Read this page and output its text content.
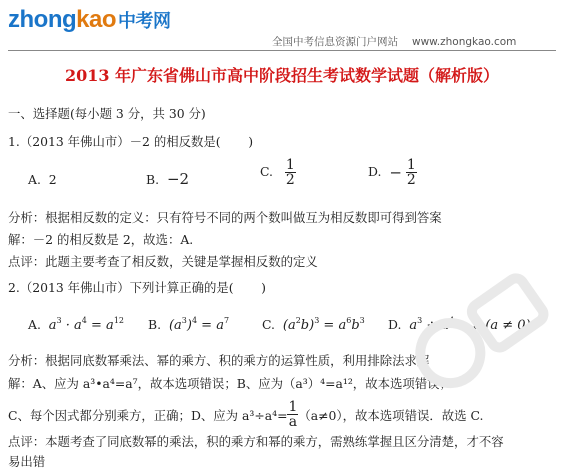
zhongkao 中考网
全国中考信息资源门户网站 www.zhongkao.com
2013 年广东省佛山市高中阶段招生考试数学试题（解析版）
一、选择题(每小题 3 分，共 30 分)
1.（2013 年佛山市）－2 的相反数是(       )
A. 2	B. −2	C. $\frac{1}{2}$	D. − $\frac{1}{2}$
分析：根据相反数的定义：只有符号不同的两个数叫做互为相反数即可得到答案
解：－2 的相反数是 2，故选：A.
点评：此题主要考查了相反数，关键是掌握相反数的定义
2.（2013 年佛山市）下列计算正确的是(       )
A. $a^3 \cdot a^4 = a^{12}$ B. $(a^3)^4 = a^7$	C. $(a^2b)^3 = a^6b^3$ D. $a^3 \div a^4 = a$ (a ≠ 0)
分析：根据同底数幂乘法、幂的乘方、积的乘方的运算性质，利用排除法求解
解：A、应为 a³•a⁴=a⁷，故本选项错误；B、应为（a³）⁴=a¹²，故本选项错误；
C、每个因式都分别乘方，正确；D、应为 $a^3\div a^4= \frac{1}{a} (a\ne 0)$，故本选项错误．故选 C.
点评：本题考查了同底数幂的乘法，积的乘方和幂的乘方，需熟练掌握且区分清楚，才不容
易出错
